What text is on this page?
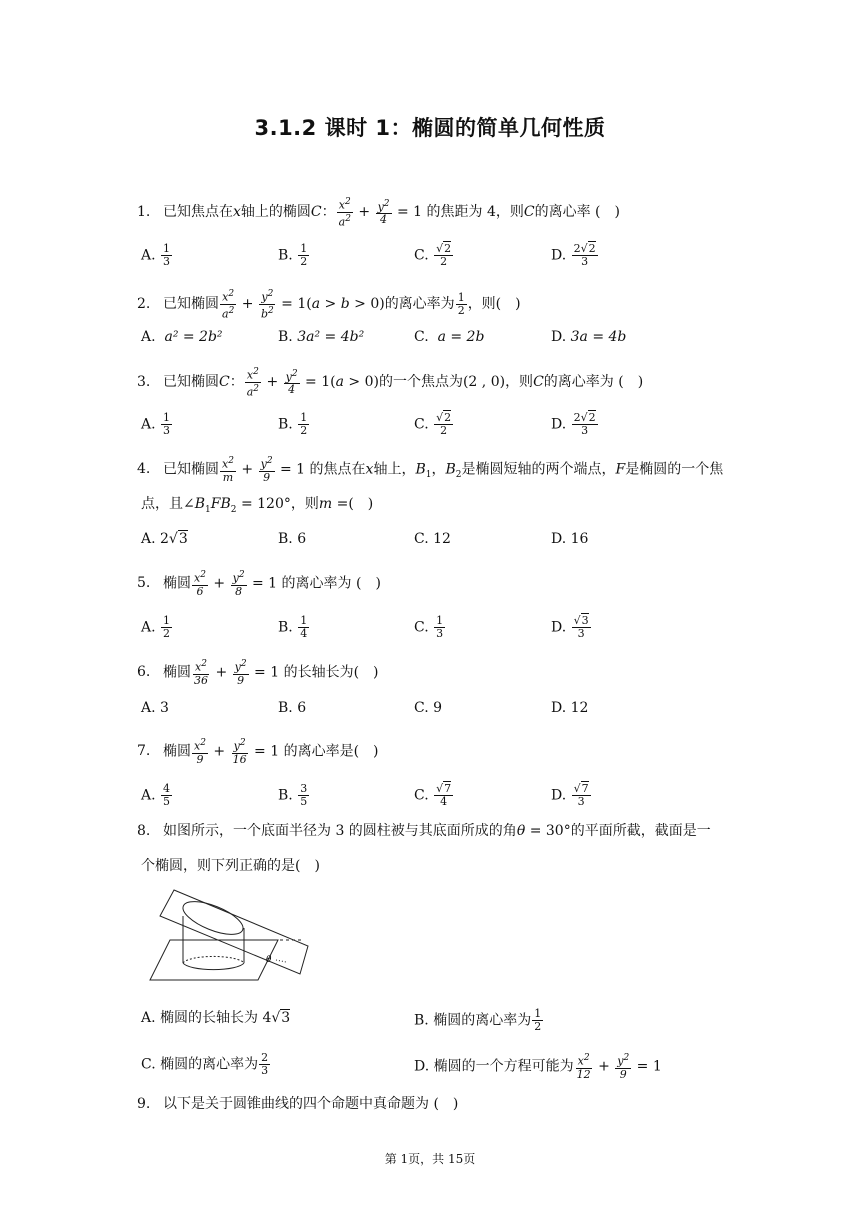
3.1.2 课时 1：椭圆的简单几何性质
1. 已知焦点在x轴上的椭圆C： $\frac{x^2}{a^2} + \frac{y^2}{4} = 1$ 的焦距为 4，则C的离心率 (　)
A. $\frac{1}{3}$	B. $\frac{1}{2}$	C. $\frac{√2}{2}$	D. $\frac{2√2}{3}$
2. 已知椭圆 $\frac{x^2}{a^2} + \frac{y^2}{b^2} = 1(a > b > 0)$的离心率为 $\frac{1}{2}$ ，则(　)
A. a² = 2b²	B. 3a² = 4b²	C. a = 2b	D. 3a = 4b
3. 已知椭圆C： $\frac{x^2}{a^2} + \frac{y^2}{4} = 1(a > 0)$的一个焦点为(2 , 0)，则C的离心率为 (　)
A. $\frac{1}{3}$	B. $\frac{1}{2}$	C. $\frac{√2}{2}$	D. $\frac{2√2}{3}$
4. 已知椭圆 $\frac{x^2}{m} + \frac{y^2}{9} = 1$ 的焦点在x轴上，$B_1$，$B_2$是椭圆短轴的两个端点，F是椭圆的一个焦
点，且$\angle B_1FB_2 = 120^\circ$，则m =(　)
A. 2√3	B. 6	C. 12	D. 16
5. 椭圆 $\frac{x^2}{6} + \frac{y^2}{8} = 1$ 的离心率为 (　)
A. $\frac{1}{2}$	B. $\frac{1}{4}$	C. $\frac{1}{3}$	D. $\frac{√3}{3}$
6. 椭圆 $\frac{x^2}{36} + \frac{y^2}{9} = 1$ 的长轴长为(　)
A. 3	B. 6	C. 9	D. 12
7. 椭圆 $\frac{x^2}{9} + \frac{y^2}{16} = 1$ 的离心率是(　)
A. $\frac{4}{5}$	B. $\frac{3}{5}$	C. $\frac{√7}{4}$	D. $\frac{√7}{3}$
8. 如图所示，一个底面半径为 3 的圆柱被与其底面所成的角θ = 30°的平面所截，截面是一
个椭圆，则下列正确的是(　)
θ
A. 椭圆的长轴长为 4√3	B. 椭圆的离心率为 $\frac{1}{2}$
C. 椭圆的离心率为 $\frac{2}{3}$	D. 椭圆的一个方程可能为 $\frac{x^2}{12} + \frac{y^2}{9} = 1$
9. 以下是关于圆锥曲线的四个命题中真命题为 (　)
第 1页，共 15页
